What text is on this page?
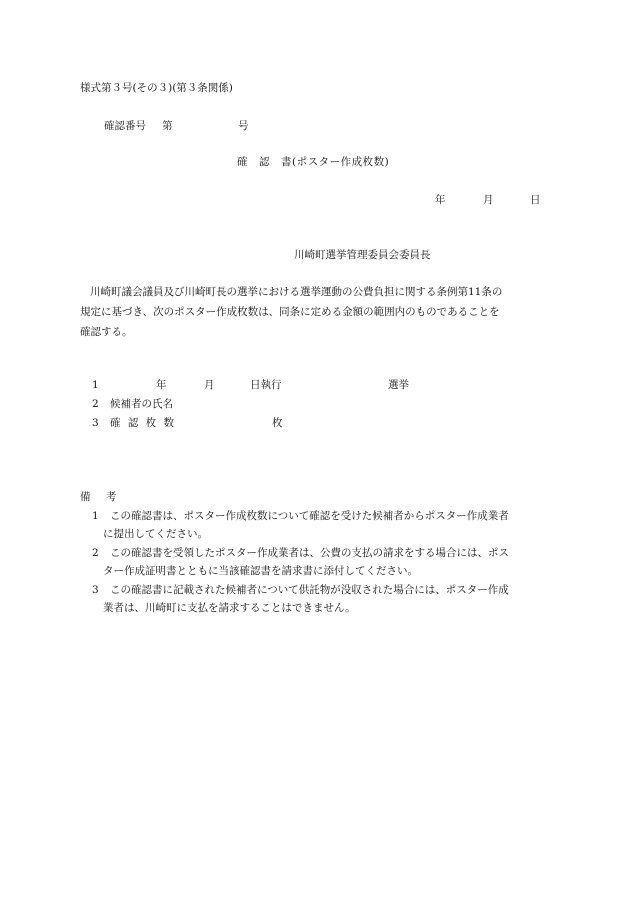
様式第３号(その３)(第３条関係)
確認番号 第	号
確　認　書(ポスター作成枚数)
年	月	日
川崎町選挙管理委員会委員長
川崎町議会議員及び川崎町長の選挙における選挙運動の公費負担に関する条例第11条の
規定に基づき、次のポスター作成枚数は、同条に定める金額の範囲内のものであることを
確認する。
1	年	月	日執行	選挙
2 候補者の氏名
3 確 認 枚 数	枚
備 考
1 この確認書は、ポスター作成枚数について確認を受けた候補者からポスター作成業者
に提出してください。
2 この確認書を受領したポスター作成業者は、公費の支払の請求をする場合には、ポス
ター作成証明書とともに当該確認書を請求書に添付してください。
3 この確認書に記載された候補者について供託物が没収された場合には、ポスター作成
業者は、川崎町に支払を請求することはできません。
